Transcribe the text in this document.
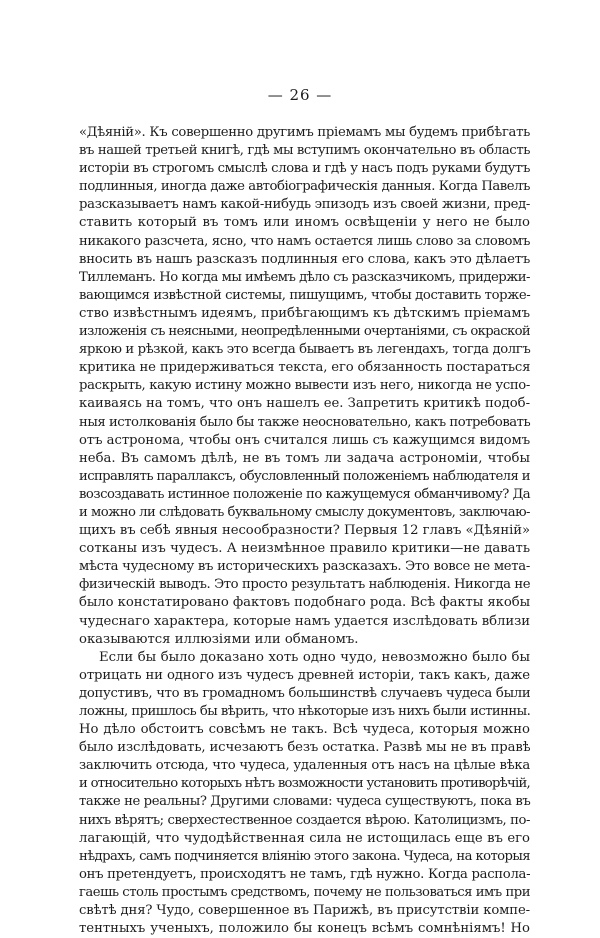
— 26 —
«Дѣяній». Къ совершенно другимъ пріемамъ мы будемъ прибѣгать
въ нашей третьей книгѣ, гдѣ мы вступимъ окончательно въ область
исторіи въ строгомъ смыслѣ слова и гдѣ у насъ подъ руками будутъ
подлинныя, иногда даже автобіографическія данныя. Когда Павелъ
разсказываетъ намъ какой-нибудь эпизодъ изъ своей жизни, пред-
ставить который въ томъ или иномъ освѣщеніи у него не было
никакого разсчета, ясно, что намъ остается лишь слово за словомъ
вносить въ нашъ разсказъ подлинныя его слова, какъ это дѣлаетъ
Тиллеманъ. Но когда мы имѣемъ дѣло съ разсказчикомъ, придержи-
вающимся извѣстной системы, пишущимъ, чтобы доставить торже-
ство извѣстнымъ идеямъ, прибѣгающимъ къ дѣтскимъ пріемамъ
изложенія съ неясными, неопредѣленными очертаніями, съ окраской
яркою и рѣзкой, какъ это всегда бываетъ въ легендахъ, тогда долгъ
критика не придерживаться текста, его обязанность постараться
раскрыть, какую истину можно вывести изъ него, никогда не успо-
каиваясь на томъ, что онъ нашелъ ее. Запретить критикѣ подоб-
ныя истолкованія было бы также неосновательно, какъ потребовать
отъ астронома, чтобы онъ считался лишь съ кажущимся видомъ
неба. Въ самомъ дѣлѣ, не въ томъ ли задача астрономіи, чтобы
исправлять параллаксъ, обусловленный положеніемъ наблюдателя и
возсоздавать истинное положеніе по кажущемуся обманчивому? Да
и можно ли слѣдовать буквальному смыслу документовъ, заключаю-
щихъ въ себѣ явныя несообразности? Первыя 12 главъ «Дѣяній»
сотканы изъ чудесъ. А неизмѣнное правило критики—не давать
мѣста чудесному въ историческихъ разсказахъ. Это вовсе не мета-
физическій выводъ. Это просто результатъ наблюденія. Никогда не
было констатировано фактовъ подобнаго рода. Всѣ факты якобы
чудеснаго характера, которые намъ удается изслѣдовать вблизи
оказываются иллюзіями или обманомъ.
Если бы было доказано хоть одно чудо, невозможно было бы
отрицать ни одного изъ чудесъ древней исторіи, такъ какъ, даже
допустивъ, что въ громадномъ большинствѣ случаевъ чудеса были
ложны, пришлось бы вѣрить, что нѣкоторые изъ нихъ были истинны.
Но дѣло обстоитъ совсѣмъ не такъ. Всѣ чудеса, которыя можно
было изслѣдовать, исчезаютъ безъ остатка. Развѣ мы не въ правѣ
заключить отсюда, что чудеса, удаленныя отъ насъ на цѣлые вѣка
и относительно которыхъ нѣтъ возможности установить противорѣчій,
также не реальны? Другими словами: чудеса существуютъ, пока въ
нихъ вѣрятъ; сверхестественное создается вѣрою. Католицизмъ, по-
лагающій, что чудодѣйственная сила не истощилась еще въ его
нѣдрахъ, самъ подчиняется вліянію этого закона. Чудеса, на которыя
онъ претендуетъ, происходятъ не тамъ, гдѣ нужно. Когда распола-
гаешь столь простымъ средствомъ, почему не пользоваться имъ при
свѣтѣ дня? Чудо, совершенное въ Парижѣ, въ присутствіи компе-
тентныхъ ученыхъ, положило бы конецъ всѣмъ сомнѣніямъ! Но
